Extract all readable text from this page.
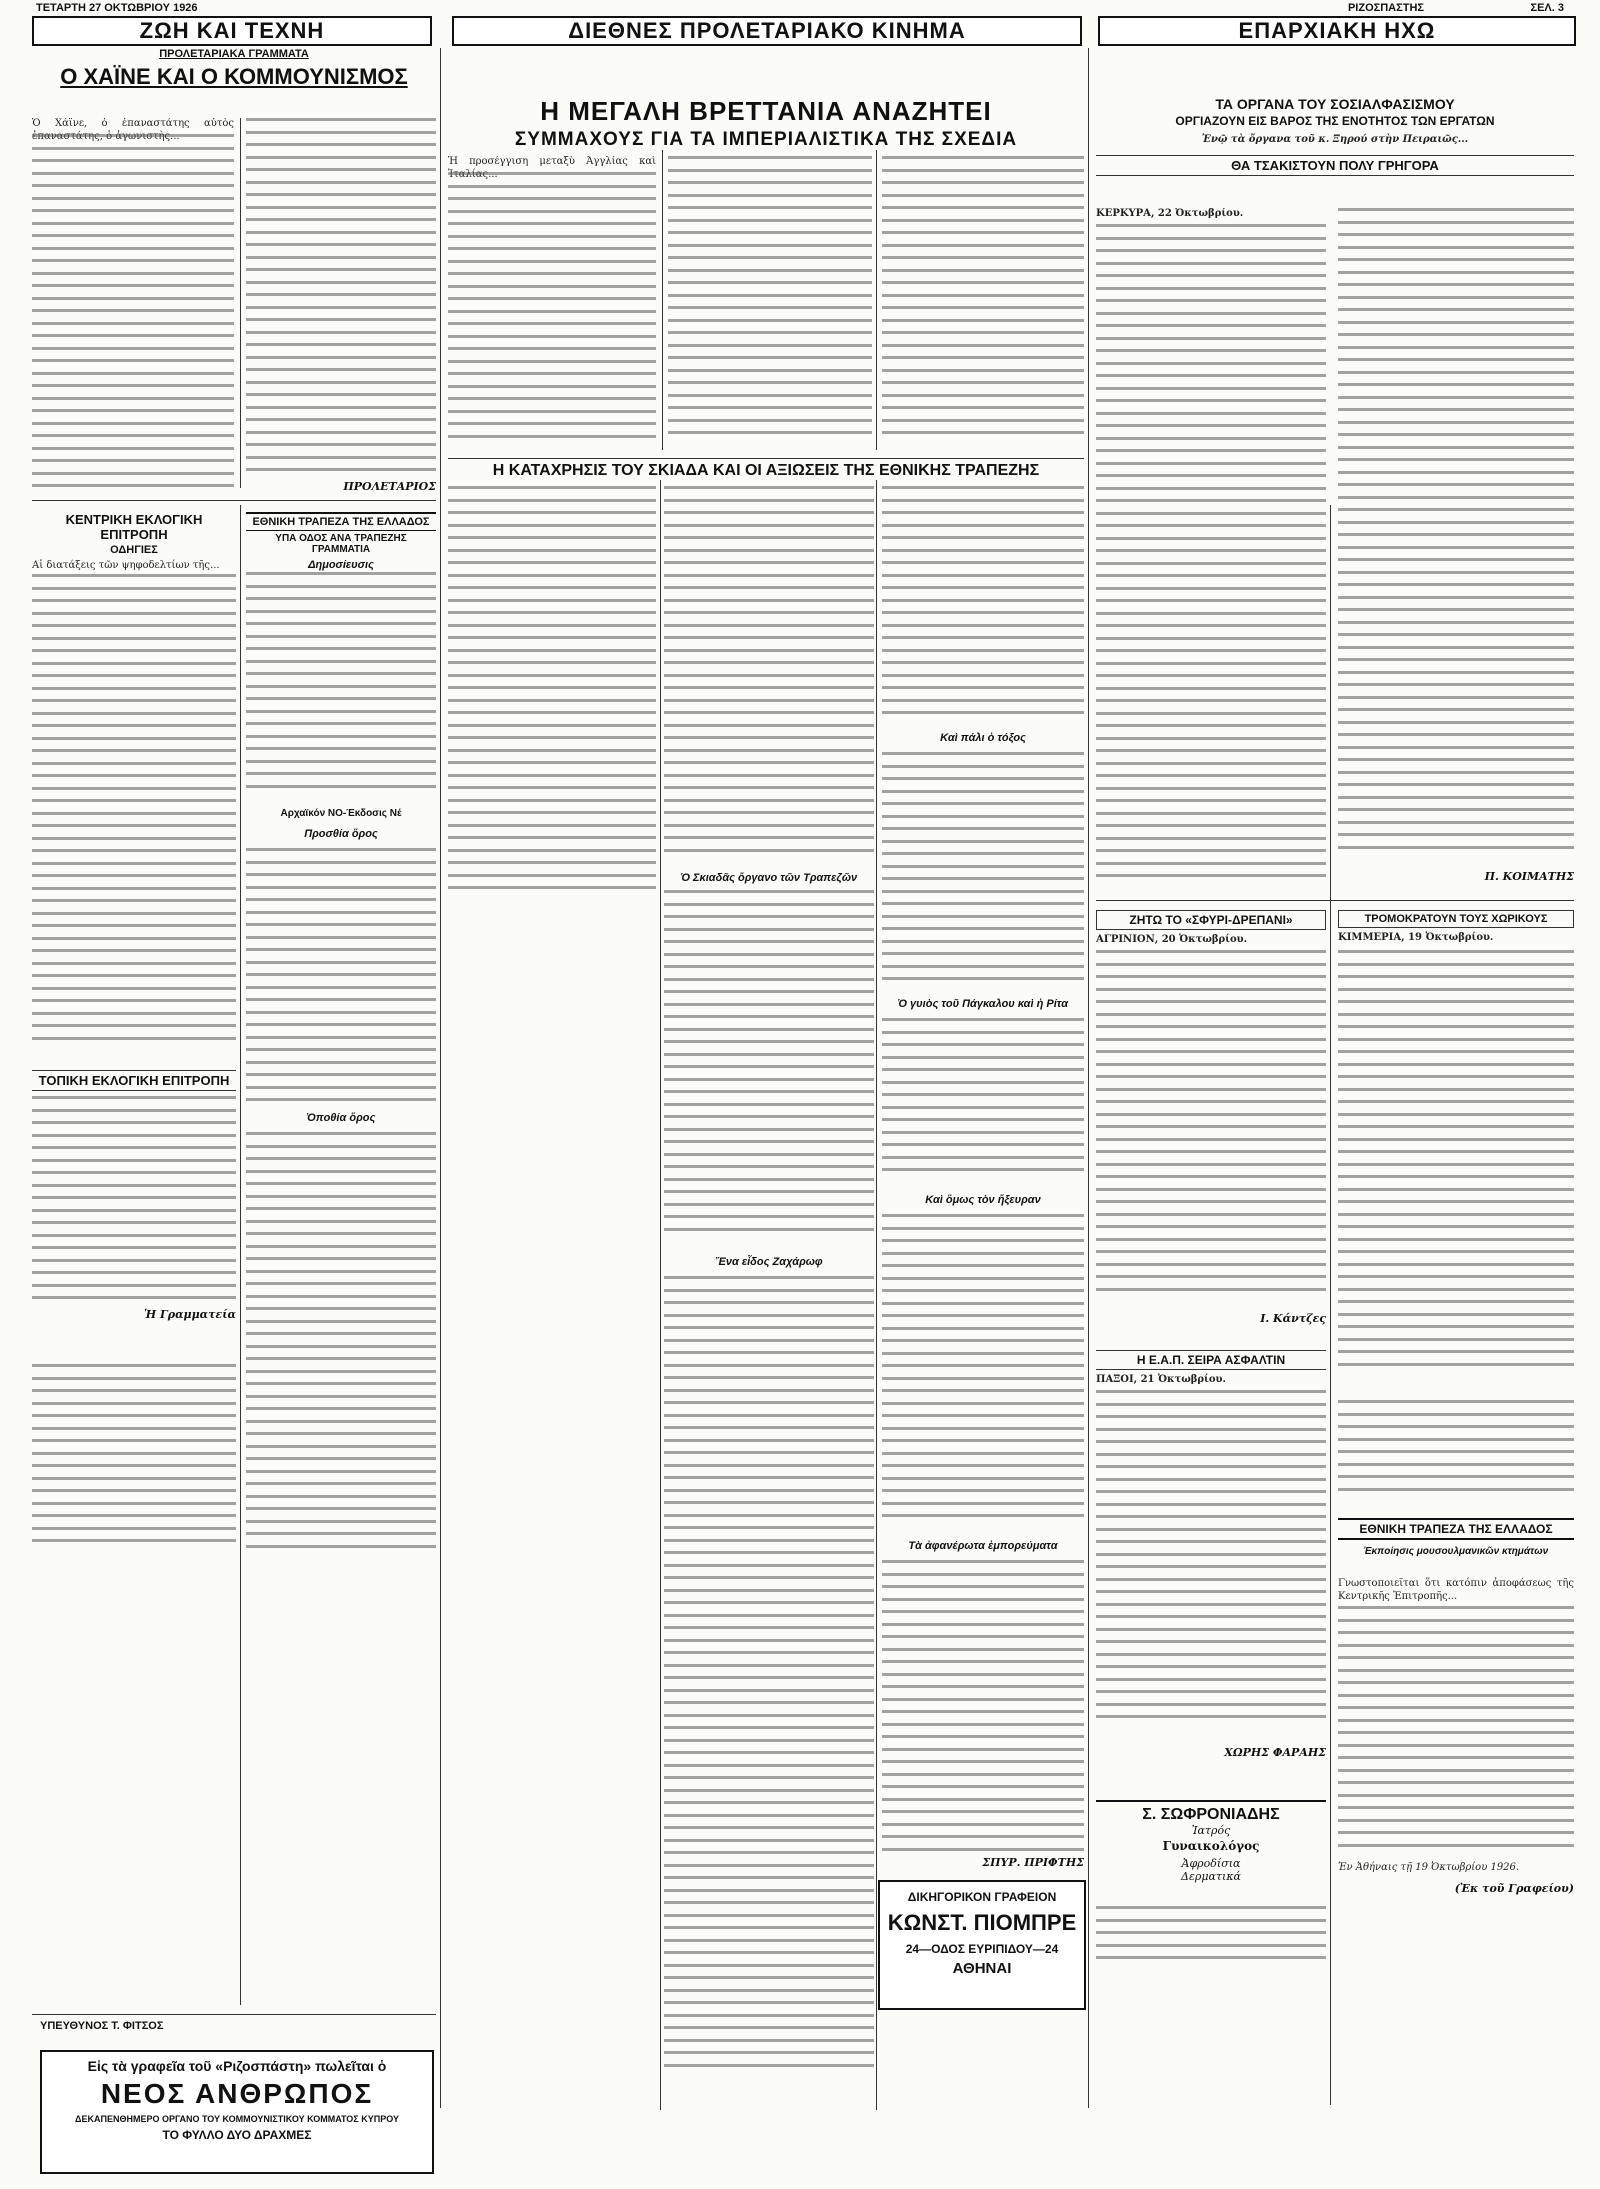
ΤΕΤΑΡΤΗ 27 ΟΚΤΩΒΡΙΟΥ 1926	ΡΙΖΟΣΠΑΣΤΗΣ	ΣΕΛ. 3
ΖΩΗ ΚΑΙ ΤΕΧΝΗ	ΔΙΕΘΝΕΣ ΠΡΟΛΕΤΑΡΙΑΚΟ ΚΙΝΗΜΑ	ΕΠΑΡΧΙΑΚΗ ΗΧΩ
ΠΡΟΛΕΤΑΡΙΑΚΑ ΓΡΑΜΜΑΤΑ
Ο ΧΑΪΝΕ ΚΑΙ Ο ΚΟΜΜΟΥΝΙΣΜΟΣ
Ὁ Χάϊνε, ὁ ἐπαναστάτης αὐτὸς
ΠΡΟΛΕΤΑΡΙΟΣ
Η ΜΕΓΑΛΗ ΒΡΕΤΤΑΝΙΑ ΑΝΑΖΗΤΕΙ
ΣΥΜΜΑΧΟΥΣ ΓΙΑ ΤΑ ΙΜΠΕΡΙΑΛΙΣΤΙΚΑ ΤΗΣ ΣΧΕΔΙΑ
Ἡ προσέγγιση μεταξὺ Ἀγγλίας καὶ
Η ΚΑΤΑΧΡΗΣΙΣ ΤΟΥ ΣΚΙΑΔΑ ΚΑΙ ΟΙ ΑΞΙΩΣΕΙΣ ΤΗΣ ΕΘΝΙΚΗΣ ΤΡΑΠΕΖΗΣ
Ὁ Σκιαδᾶς ὄργανο τῶν Τραπεζῶν
Ἕνα εἶδος Ζαχάρωφ
Καὶ πάλι ὁ τόξος
Ὁ γυιὸς τοῦ Πάγκαλου καὶ ἡ Ρίτα
Καὶ ὅμως τὸν ἤξευραν
Τὰ ἀφανέρωτα ἐμπορεύματα
ΣΠΥΡ. ΠΡΙΦΤΗΣ
ΚΕΝΤΡΙΚΗ ΕΚΛΟΓΙΚΗ ΕΠΙΤΡΟΠΗ
ΟΔΗΓΙΕΣ
Αἱ διατάξεις τῶν ψηφοδελτίων τῆς...
ΤΟΠΙΚΗ ΕΚΛΟΓΙΚΗ ΕΠΙΤΡΟΠΗ
Ἡ Γραμματεία
ΕΘΝΙΚΗ ΤΡΑΠΕΖΑ ΤΗΣ ΕΛΛΑΔΟΣ
ΥΠΑ ΟΔΟΣ ΑΝΑ ΤΡΑΠΕΖΗΣ ΓΡΑΜΜΑΤΙΑ
Δημοσίευσις
Αρχαϊκόν ΝΟ-Έκδοσις Νέ
Προσθία ὅρος
Ὁποθία ὅρος
ΤΑ ΟΡΓΑΝΑ ΤΟΥ ΣΟΣΙΑΛΦΑΣΙΣΜΟΥ
ΟΡΓΙΑΖΟΥΝ ΕΙΣ ΒΑΡΟΣ ΤΗΣ ΕΝΟΤΗΤΟΣ ΤΩΝ ΕΡΓΑΤΩΝ
Ἐνῷ τὰ ὄργανα τοῦ κ. Ξηρού στὴν Πειραιῶς...
ΘΑ ΤΣΑΚΙΣΤΟΥΝ ΠΟΛΥ ΓΡΗΓΟΡΑ
ΚΕΡΚΥΡΑ, 22 Ὀκτωβρίου.
Π. ΚΟΙΜΑΤΗΣ
ΖΗΤΩ ΤΟ «ΣΦΥΡΙ-ΔΡΕΠΑΝΙ»
ΑΓΡΙΝΙΟΝ, 20 Ὀκτωβρίου.
Ι. Κάντζες
ΤΡΟΜΟΚΡΑΤΟΥΝ ΤΟΥΣ ΧΩΡΙΚΟΥΣ
ΚΙΜΜΕΡΙΑ, 19 Ὀκτωβρίου.
Η Ε.Α.Π. ΣΕΙΡΑ ΑΣΦΑΛΤΙΝ
ΠΑΞΟΙ, 21 Ὀκτωβρίου.
ΧΩΡΗΣ ΦΑΡΑΗΣ
ΕΘΝΙΚΗ ΤΡΑΠΕΖΑ ΤΗΣ ΕΛΛΑΔΟΣ
Ἐκποίησις μουσουλμανικῶν κτημάτων
Γνωστοποιεῖται ὅτι κατόπιν ἀποφάσεως τῆς Κεντρικῆς Ἐπιτροπῆς...
Ἐν Ἀθήναις τῇ 19 Ὀκτωβρίου 1926.
(Ἐκ τοῦ Γραφείου)
ΥΠΕΥΘΥΝΟΣ Τ. ΦΙΤΣΟΣ
Εἰς τὰ γραφεῖα τοῦ «Ριζοσπάστη» πωλεῖται ὁ
ΝΕΟΣ ΑΝΘΡΩΠΟΣ
ΔΕΚΑΠΕΝΘΗΜΕΡΟ ΟΡΓΑΝΟ ΤΟΥ ΚΟΜΜΟΥΝΙΣΤΙΚΟΥ ΚΟΜΜΑΤΟΣ ΚΥΠΡΟΥ
ΤΟ ΦΥΛΛΟ ΔΥΟ ΔΡΑΧΜΕΣ
ΔΙΚΗΓΟΡΙΚΟΝ ΓΡΑΦΕΙΟΝ
ΚΩΝΣΤ. ΠΙΟΜΠΡΕ
24—ΟΔΟΣ ΕΥΡΙΠΙΔΟΥ—24
ΑΘΗΝΑΙ
Σ. ΣΩΦΡΟΝΙΑΔΗΣ
Ἰατρός
Γυναικολόγος
Ἀφροδίσια
Δερματικά
